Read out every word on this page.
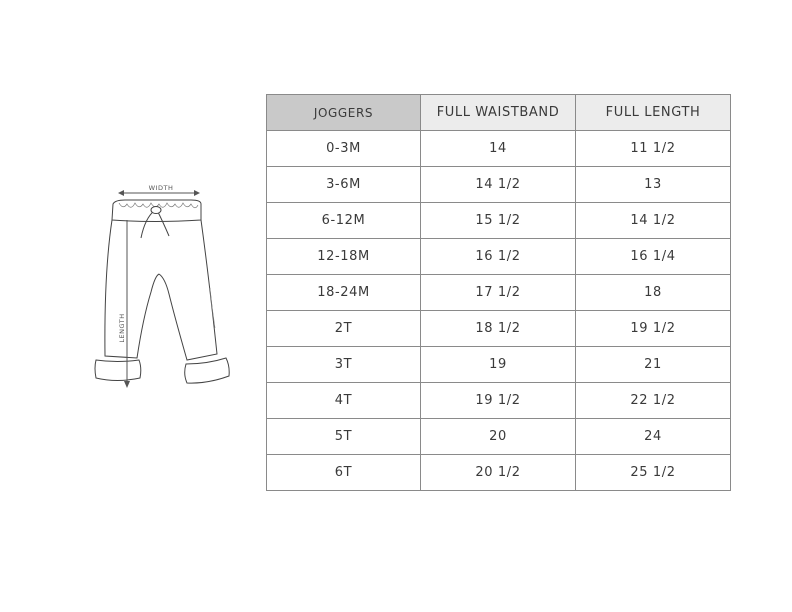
WIDTH
LENGTH
JOGGERS	FULL WAISTBAND	FULL LENGTH
0-3M	14	11 1/2
3-6M	14 1/2	13
6-12M	15 1/2	14 1/2
12-18M	16 1/2	16 1/4
18-24M	17 1/2	18
2T	18 1/2	19 1/2
3T	19	21
4T	19 1/2	22 1/2
5T	20	24
6T	20 1/2	25 1/2
